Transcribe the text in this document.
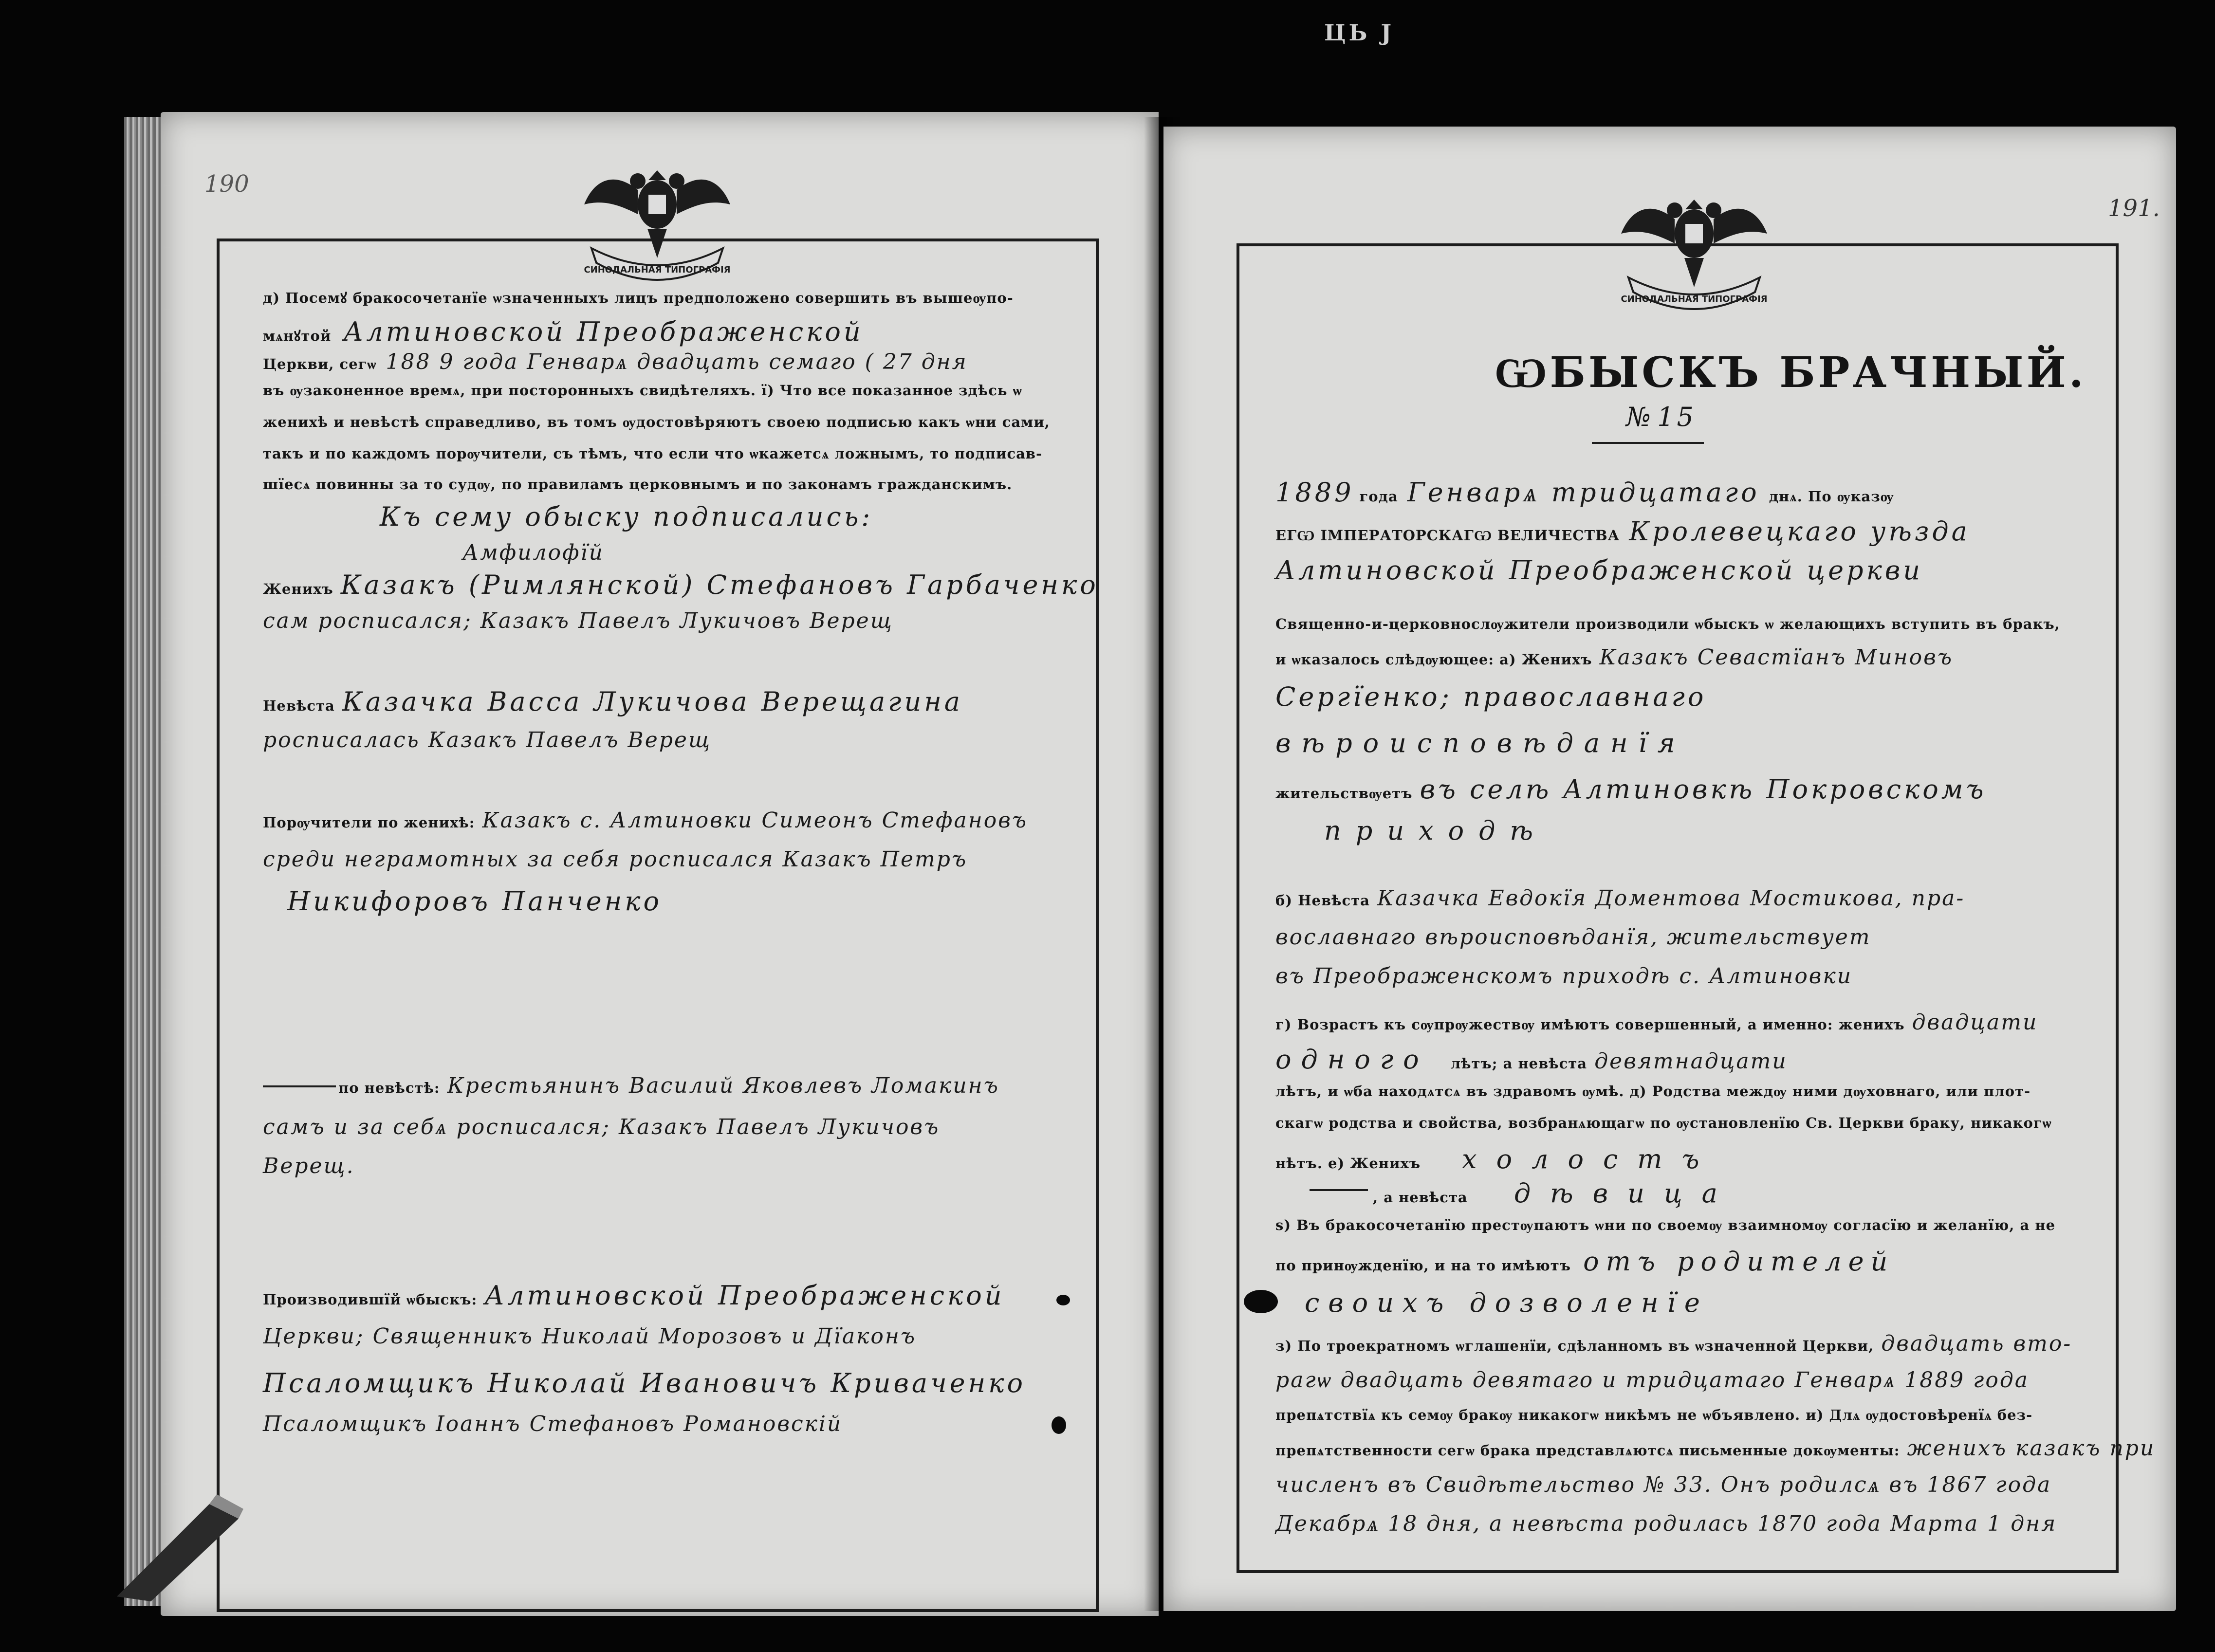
ЦЬ Ј
190
СИНОДАЛЬНАЯ ТИПОГРАФІЯ
д) Посемꙋ бракосочетанїе ѡзначенныхъ лицъ предположено совершить въ вышеѹпо-
мѧнꙋтой Алтиновской Преображенской
Церкви, сегѡ 188 9 года Генварѧ двадцать семаго ( 27 дня
въ ѹзаконенное времѧ, при посторонныхъ свидѣтеляхъ. ї) Что все показанное здѣсь ѡ
женихѣ и невѣстѣ справедливо, въ томъ ѹдостовѣряютъ своею подписью какъ ѡни сами,
такъ и по каждомъ порѹчители, съ тѣмъ, что если что ѡкажетсѧ ложнымъ, то подписав-
шїесѧ повинны за то судѹ, по правиламъ церковнымъ и по законамъ гражданскимъ.
Къ сему обыску подписались:
Амфилофїй
Женихъ Казакъ (Римлянской) Стефановъ Гарбаченко
сам росписался; Казакъ Павелъ Лукичовъ Верещ
Невѣста Казачка Васса Лукичова Верещагина
росписалась Казакъ Павелъ Верещ
Порѹчители по женихѣ: Казакъ с. Алтиновки Симеонъ Стефановъ
среди неграмотных за себя росписался Казакъ Петръ
Никифоровъ Панченко
по невѣстѣ: Крестьянинъ Василий Яковлевъ Ломакинъ
самъ и за себѧ росписался; Казакъ Павелъ Лукичовъ
Верещ.
Производившїй ѡбыскъ: Алтиновской Преображенской
Церкви; Священникъ Николай Морозовъ и Дїаконъ
Псаломщикъ Николай Ивановичъ Криваченко
Псаломщикъ Іоаннъ Стефановъ Романовскій
191.
СИНОДАЛЬНАЯ ТИПОГРАФІЯ
ѠБЫСКЪ БРАЧНЫЙ.
№ 15
1889 года Генварѧ тридцатаго днѧ. По ѹказѹ
ЕГѠ ІМПЕРАТОРСКАГѠ ВЕЛИЧЕСТВА Кролевецкаго уѣзда
Алтиновской Преображенской церкви
Священно-и-церковнослѹжители производили ѡбыскъ ѡ желающихъ вступить въ бракъ,
и ѡказалось слѣдѹющее: а) Женихъ Казакъ Севастїанъ Миновъ
Сергїенко; православнаго
вѣроисповѣданїя
жительствѹетъ въ селѣ Алтиновкѣ Покровскомъ
приходѣ
б) Невѣста Казачка Евдокїя Доментова Мостикова, пра-
вославнаго вѣроисповѣданїя, жительствует
въ Преображенскомъ приходѣ с. Алтиновки
г) Возрастъ къ сѹпрѹжествѹ имѣютъ совершенный, а именно: женихъ двадцати
одного лѣтъ; а невѣста девятнадцати
лѣтъ, и ѡба находѧтсѧ въ здравомъ ѹмѣ. д) Родства междѹ ними дѹховнаго, или плот-
скагѡ родства и свойства, возбранѧющагѡ по ѹстановленїю Св. Церкви браку, никакогѡ
нѣтъ. е) Женихъ холостъ
, а невѣста дѣвица
ѕ) Въ бракосочетанїю престѹпаютъ ѡни по своемѹ взаимномѹ согласїю и желанїю, а не
по принѹжденїю, и на то имѣютъ отъ родителей
своихъ дозволенїе
з) По троекратномъ ѡглашенїи, сдѣланномъ въ ѡзначенной Церкви, двадцать вто-
рагѡ двадцать девятаго и тридцатаго Генварѧ 1889 года
препѧтствїѧ къ семѹ бракѹ никакогѡ никѣмъ не ѡбъявлено. и) Длѧ ѹдостовѣренїѧ без-
препѧтственности сегѡ брака представлѧютсѧ письменные докѹменты: женихъ казакъ при
численъ въ Свидѣтельство № 33. Онъ родилсѧ въ 1867 года
Декабрѧ 18 дня, а невѣста родилась 1870 года Марта 1 дня
